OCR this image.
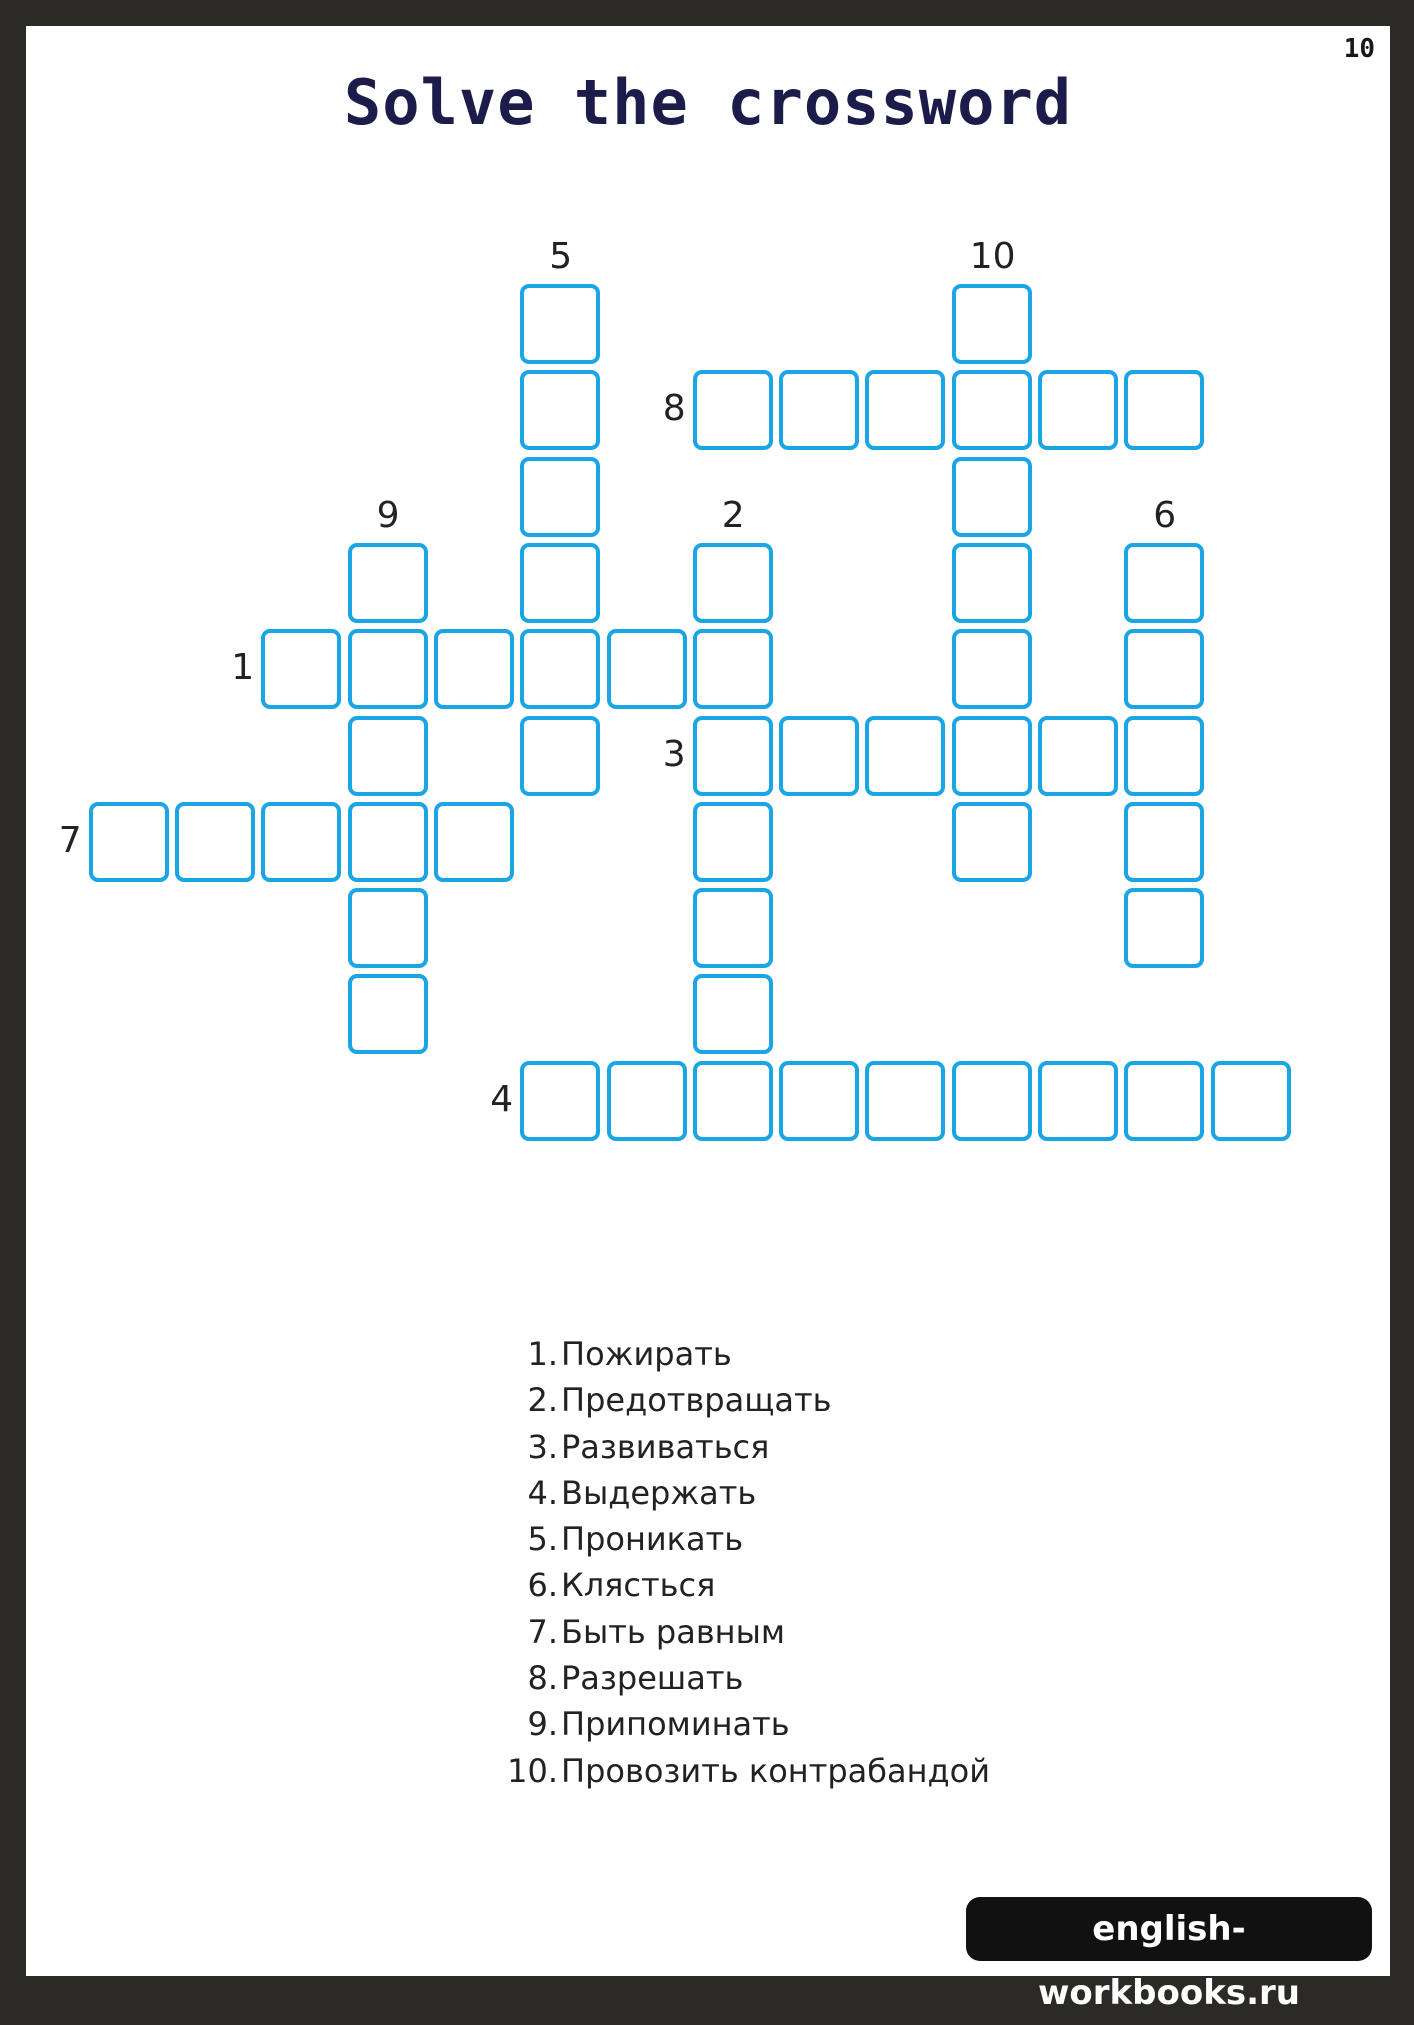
10
Solve the crossword
1
2
3
4
5
6
7
8
9
10
1.Пожирать
2.Предотвращать
3.Развиваться
4.Выдержать
5.Проникать
6.Клясться
7.Быть равным
8.Разрешать
9.Припоминать
10.Провозить контрабандой
english-workbooks.ru
